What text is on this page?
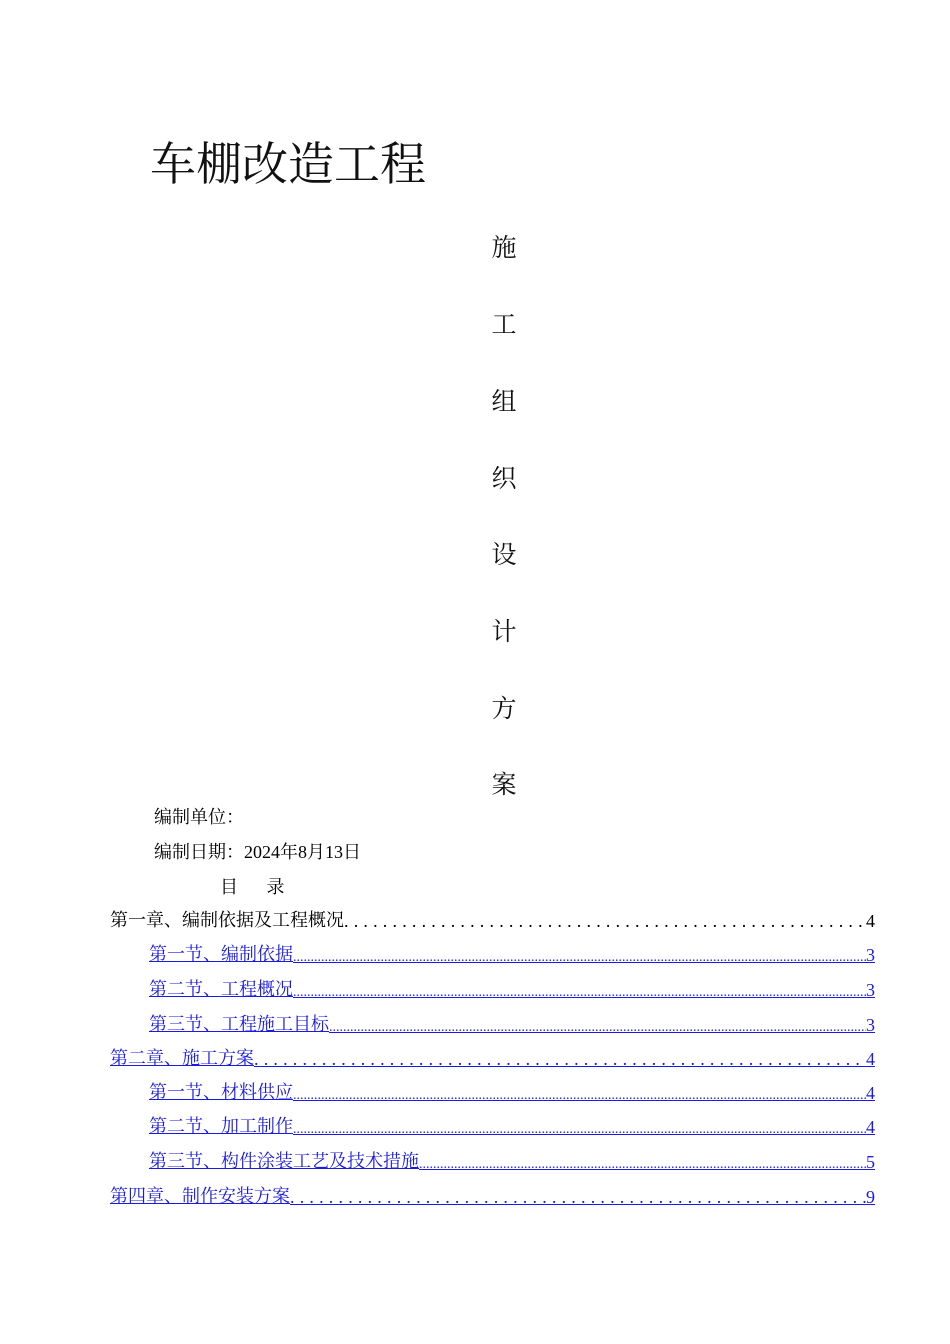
车棚改造工程
施
工
组
织
设
计
方
案
编制单位：
编制日期：2024年8月13日
目 录
第一章、编制依据及工程概况 .....	4
第一节、编制依据 .....	3
第二节、工程概况 .....	3
第三节、工程施工目标 .....	3
第二章、施工方案 .....	4
第一节、材料供应 .....	4
第二节、加工制作 .....	4
第三节、构件涂装工艺及技术措施 .....	5
第四章、制作安装方案 .....	9
